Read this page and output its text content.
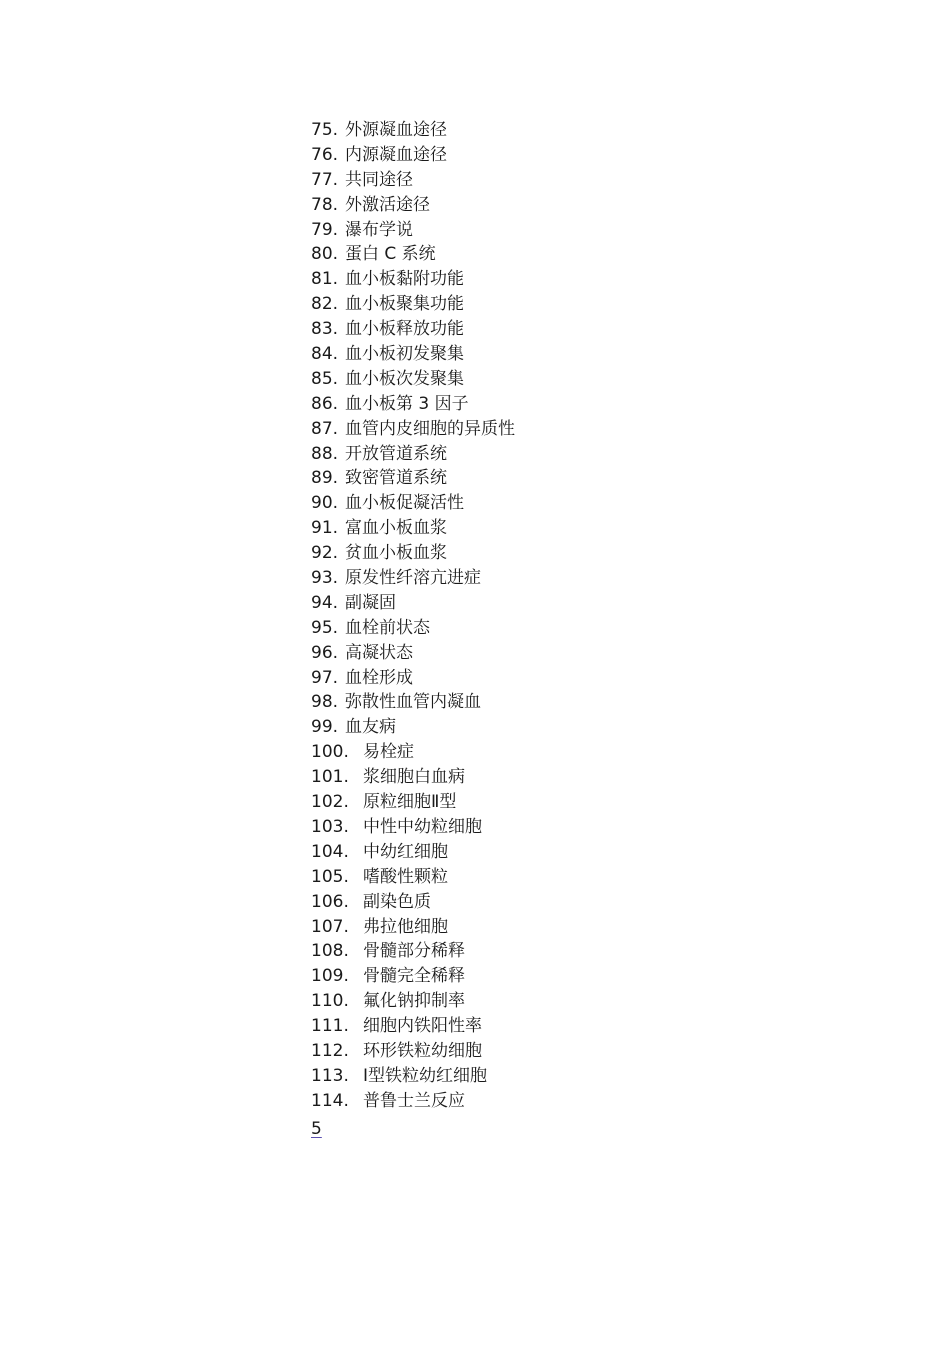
75. 外源凝血途径
76. 内源凝血途径
77. 共同途径
78. 外激活途径
79. 瀑布学说
80. 蛋白 C 系统
81. 血小板黏附功能
82. 血小板聚集功能
83. 血小板释放功能
84. 血小板初发聚集
85. 血小板次发聚集
86. 血小板第 3 因子
87. 血管内皮细胞的异质性
88. 开放管道系统
89. 致密管道系统
90. 血小板促凝活性
91. 富血小板血浆
92. 贫血小板血浆
93. 原发性纤溶亢进症
94. 副凝固
95. 血栓前状态
96. 高凝状态
97. 血栓形成
98. 弥散性血管内凝血
99. 血友病
100. 易栓症
101. 浆细胞白血病
102. 原粒细胞Ⅱ型
103. 中性中幼粒细胞
104. 中幼红细胞
105. 嗜酸性颗粒
106. 副染色质
107. 弗拉他细胞
108. 骨髓部分稀释
109. 骨髓完全稀释
110. 氟化钠抑制率
111. 细胞内铁阳性率
112. 环形铁粒幼细胞
113. Ⅰ型铁粒幼红细胞
114. 普鲁士兰反应
5
